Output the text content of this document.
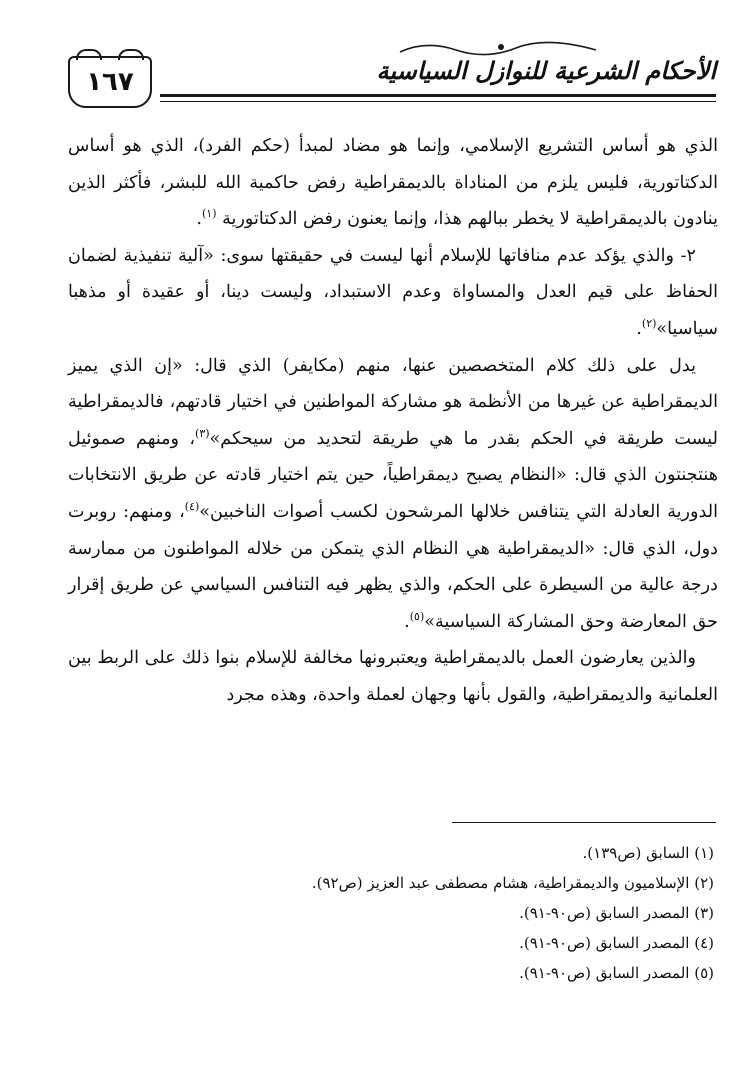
الأحكام الشرعية للنوازل السياسية
١٦٧

الذي هو أساس التشريع الإسلامي، وإنما هو مضاد لمبدأ (حكم الفرد)، الذي هو أساس الدكتاتورية، فليس يلزم من المناداة بالديمقراطية رفض حاكمية الله للبشر، فأكثر الذين ينادون بالديمقراطية لا يخطر ببالهم هذا، وإنما يعنون رفض الدكتاتورية $^{(١)}$.

٢- والذي يؤكد عدم منافاتها للإسلام أنها ليست في حقيقتها سوى: «آلية تنفيذية لضمان الحفاظ على قيم العدل والمساواة وعدم الاستبداد، وليست دينا، أو عقيدة أو مذهبا سياسيا»$^{(٢)}$.

يدل على ذلك كلام المتخصصين عنها، منهم (مكايفر) الذي قال: «إن الذي يميز الديمقراطية عن غيرها من الأنظمة هو مشاركة المواطنين في اختيار قادتهم، فالديمقراطية ليست طريقة في الحكم بقدر ما هي طريقة لتحديد من سيحكم»$^{(٣)}$، ومنهم صموئيل هنتجنتون الذي قال: «النظام يصبح ديمقراطياً، حين يتم اختيار قادته عن طريق الانتخابات الدورية العادلة التي يتنافس خلالها المرشحون لكسب أصوات الناخبين»$^{(٤)}$، ومنهم: روبرت دول، الذي قال: «الديمقراطية هي النظام الذي يتمكن من خلاله المواطنون من ممارسة درجة عالية من السيطرة على الحكم، والذي يظهر فيه التنافس السياسي عن طريق إقرار حق المعارضة وحق المشاركة السياسية»$^{(٥)}$.

والذين يعارضون العمل بالديمقراطية ويعتبرونها مخالفة للإسلام بنوا ذلك على الربط بين العلمانية والديمقراطية، والقول بأنها وجهان لعملة واحدة، وهذه مجرد

(١) السابق (ص١٣٩).
(٢) الإسلاميون والديمقراطية، هشام مصطفى عبد العزيز (ص٩٢).
(٣) المصدر السابق (ص٩٠-٩١).
(٤) المصدر السابق (ص٩٠-٩١).
(٥) المصدر السابق (ص٩٠-٩١).
